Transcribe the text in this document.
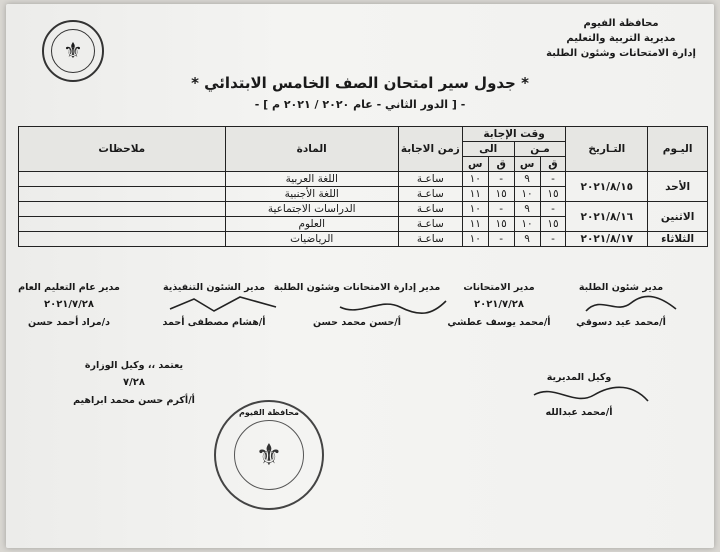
محافظة الفيوم
مديرية التربية والتعليم
إدارة الامتحانات وشئون الطلبة
⚜
* جدول سير امتحان الصف الخامس الابتدائي *
- [ الدور الثاني - عام ٢٠٢٠ / ٢٠٢١ م ] -
اليـوم	التـاريخ	وقت الإجابة				زمن الاجابة	المادة	ملاحظات
		مـن		الى				
		ق	س	ق	س			
الأحد	٢٠٢١/٨/١٥	-	٩	-	١٠	ساعـة	اللغة العربية	
		١٥	١٠	١٥	١١	ساعـة	اللغة الأجنبية	
الاثنين	٢٠٢١/٨/١٦	-	٩	-	١٠	ساعـة	الدراسات الاجتماعية	
		١٥	١٠	١٥	١١	ساعـة	العلوم	
الثلاثاء	٢٠٢١/٨/١٧	-	٩	-	١٠	ساعـة	الرياضيات	
مدير شئون الطلبة
أ/محمد عيد دسوقي
مدير الامتحانات
٢٠٢١/٧/٢٨
أ/محمد يوسف عطشي
مدير إدارة الامتحانات وشئون الطلبة
أ/حسن محمد حسن
مدير الشئون التنفيذية
أ/هشام مصطفى أحمد
مدير عام التعليم العام
٢٠٢١/٧/٢٨
د/مراد أحمد حسن
وكيل المديرية
أ/محمد عبدالله
يعتمد ،، وكيل الوزارة
٧/٢٨
أ/أكرم حسن محمد ابراهيم
محافظة الفيوم
⚜
